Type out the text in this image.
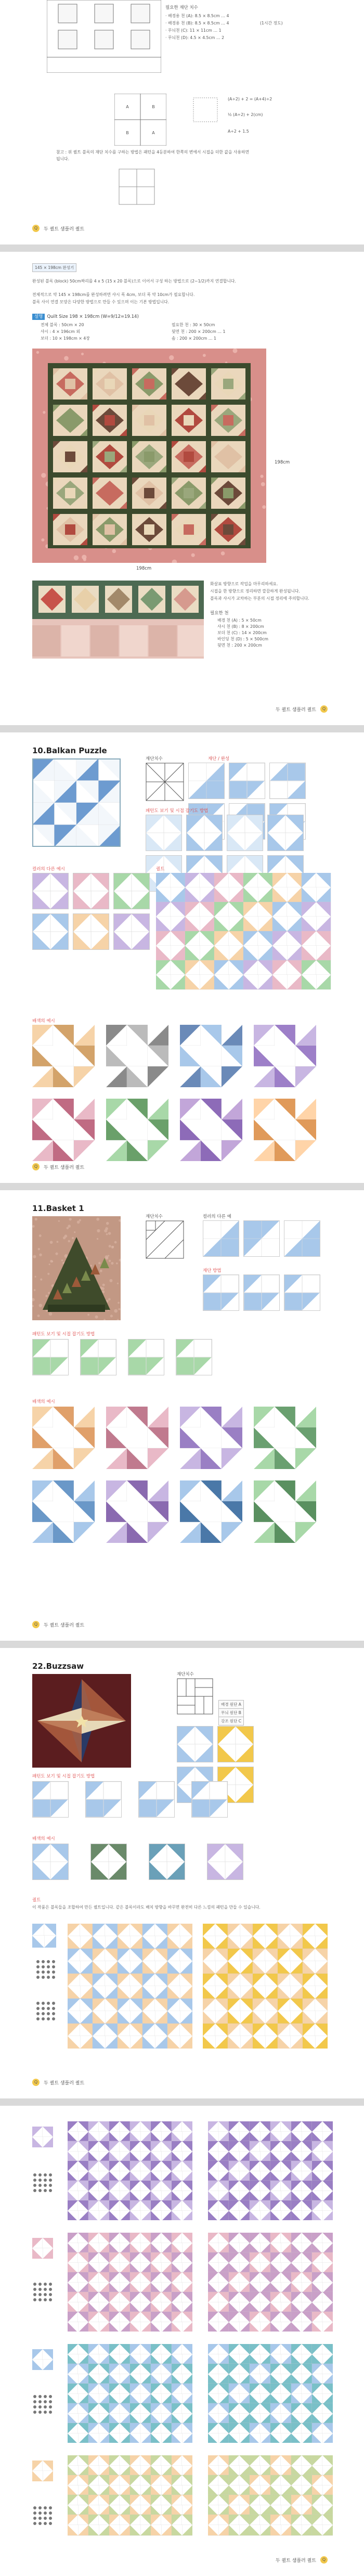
필요한 재단 치수
· 배경용 천 (A): 8.5 × 8.5cm … 4
· 배경용 천 (B): 8.5 × 8.5cm … 4
· 무늬천 (C): 11 × 11cm … 1
· 무늬천 (D): 4.5 × 4.5cm … 2
(1시간 정도)
A	B
B	A
(A÷2) + 2 = (A+4)÷2
½ (A÷2) + 2(cm)
A÷2 + 1.5
참고 : 위 퀼트 블록의 재단 치수를 구하는 방법은 패턴을 4등분하여 한쪽의 변에서 시접을 더한 값을 사용하면 됩니다.
Q	두 퀼트 샘플러 퀼트
145 × 198cm 완성기
완성된 블록 (block) 50cm짜리를 4 x 5 (15 x 20 블록)으로 이어서 구성 하는 방법으로 (2~1/2)까지 연결합니다.
전체적으로 약 145 × 198cm를 완성하려면 샤시 폭 4cm, 보더 폭 약 10cm가 필요합니다.
블록 사이 연결 모양은 다양한 방법으로 만들 수 있으며 이는 기본 방법입니다.
설명 Quilt Size 198 × 198cm (W=9/12=19.14)
전체 블록 : 50cm × 20
샤시 : 4 × 196cm 외
보더 : 10 × 198cm × 4장
필요한 천 : 30 × 50cm
뒷면 천 : 200 × 200cm … 1
솜 : 200 × 200cm … 1
198cm
198cm
화살표 방향으로 작업을 마무리하세요.
시접을 한 방향으로 정리하면 깔끔하게 완성됩니다.
블록과 샤시가 교차하는 부분의 시접 정리에 주의합니다.
필요한 천
배경 천 (A) : 5 × 50cm
샤시 천 (B) : 8 × 200cm
보더 천 (C) : 14 × 200cm
바인딩 천 (D) : 5 × 500cm
뒷면 천 : 200 × 200cm
두 퀼트 샘플러 퀼트	Q
10.Balkan Puzzle
재단치수	재단 / 완성
패턴도 보기 및 시접 잡기도 방법
컬러의 다른 예시	퀼트
배색의 예시
Q	두 퀼트 샘플러 퀼트
11.Basket 1
재단치수	컬러의 다른 예
재단 방법
패턴도 보기 및 시접 잡기도 방법
배색의 예시
Q	두 퀼트 샘플러 퀼트
22.Buzzsaw
재단치수
배경 원단 A
무늬 원단 B
강조 원단 C
패턴도 보기 및 시접 잡기도 방법
배색의 예시
퀼트
이 작품은 블록들을 조합하여 만든 퀼트입니다. 같은 블록이라도 배치 방향을 바꾸면 완전히 다른 느낌의 패턴을 만들 수 있습니다.
Q	두 퀼트 샘플러 퀼트
두 퀼트 샘플러 퀼트	Q
